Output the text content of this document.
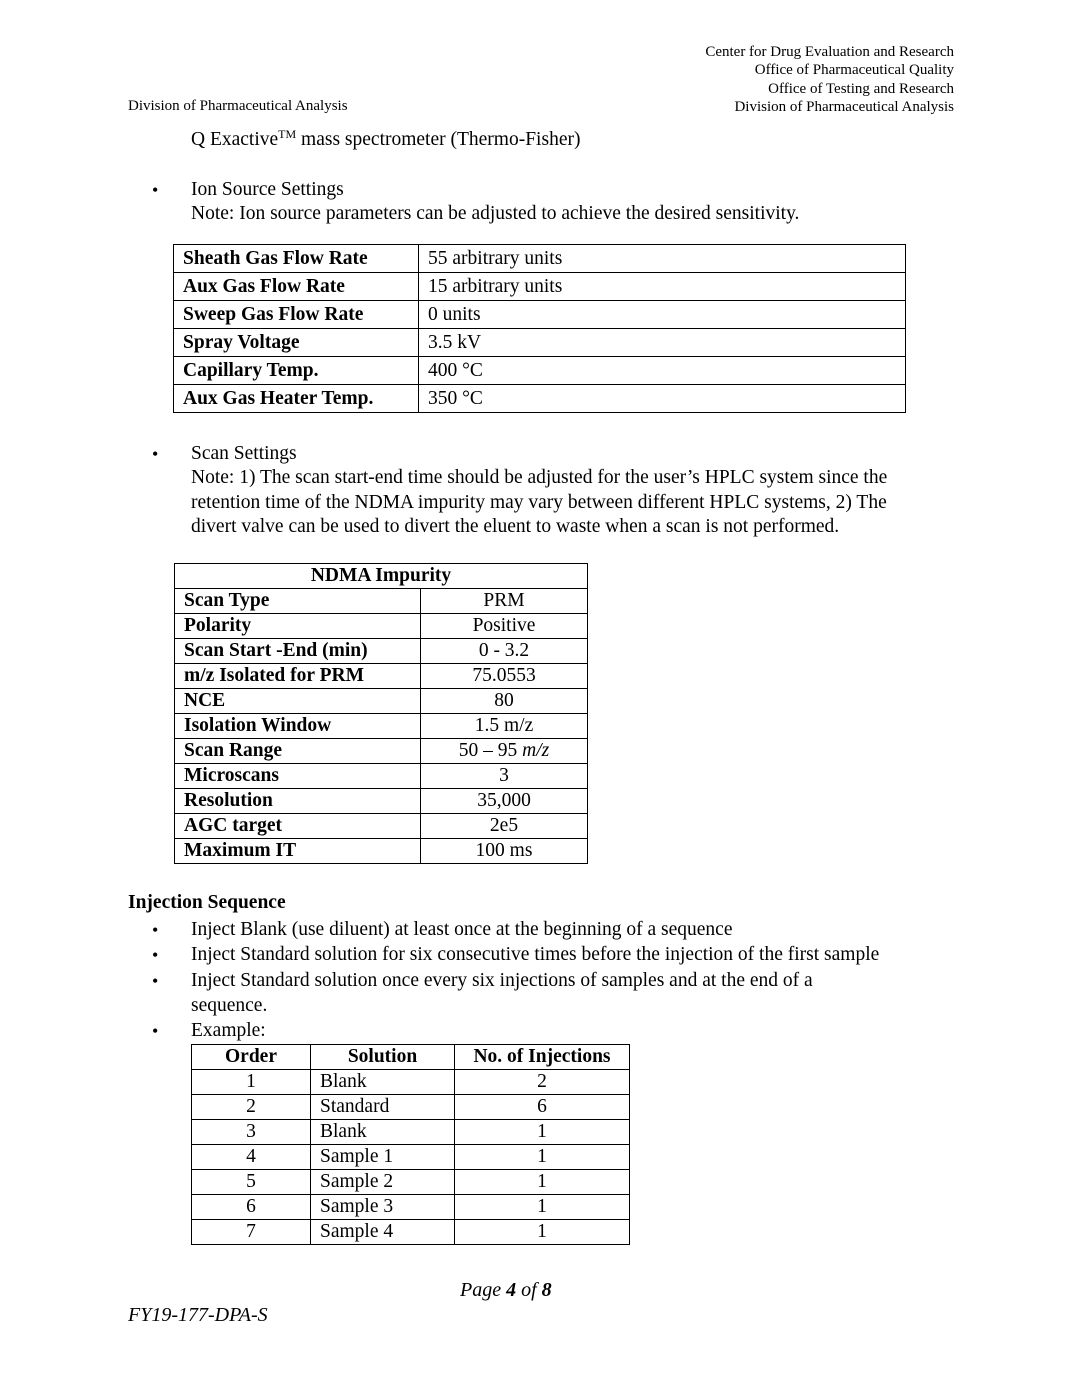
Center for Drug Evaluation and Research
Office of Pharmaceutical Quality
Office of Testing and Research
Division of Pharmaceutical Analysis
Division of Pharmaceutical Analysis
Q Exactive™ mass spectrometer (Thermo-Fisher)
• Ion Source Settings
Note: Ion source parameters can be adjusted to achieve the desired sensitivity.
Sheath Gas Flow Rate	55 arbitrary units
Aux Gas Flow Rate	15 arbitrary units
Sweep Gas Flow Rate	0 units
Spray Voltage	3.5 kV
Capillary Temp.	400 °C
Aux Gas Heater Temp.	350 °C
• Scan Settings
Note: 1) The scan start-end time should be adjusted for the user’s HPLC system since the
retention time of the NDMA impurity may vary between different HPLC systems, 2) The
divert valve can be used to divert the eluent to waste when a scan is not performed.
NDMA Impurity	
Scan Type	PRM
Polarity	Positive
Scan Start -End (min)	0 - 3.2
m/z Isolated for PRM	75.0553
NCE	80
Isolation Window	1.5 m/z
Scan Range	50 – 95 m/z
Microscans	3
Resolution	35,000
AGC target	2e5
Maximum IT	100 ms
Injection Sequence
• Inject Blank (use diluent) at least once at the beginning of a sequence
• Inject Standard solution for six consecutive times before the injection of the first sample
• Inject Standard solution once every six injections of samples and at the end of a
sequence.
• Example:
Order	Solution	No. of Injections
1	Blank	2
2	Standard	6
3	Blank	1
4	Sample 1	1
5	Sample 2	1
6	Sample 3	1
7	Sample 4	1
Page 4 of 8
FY19-177-DPA-S
